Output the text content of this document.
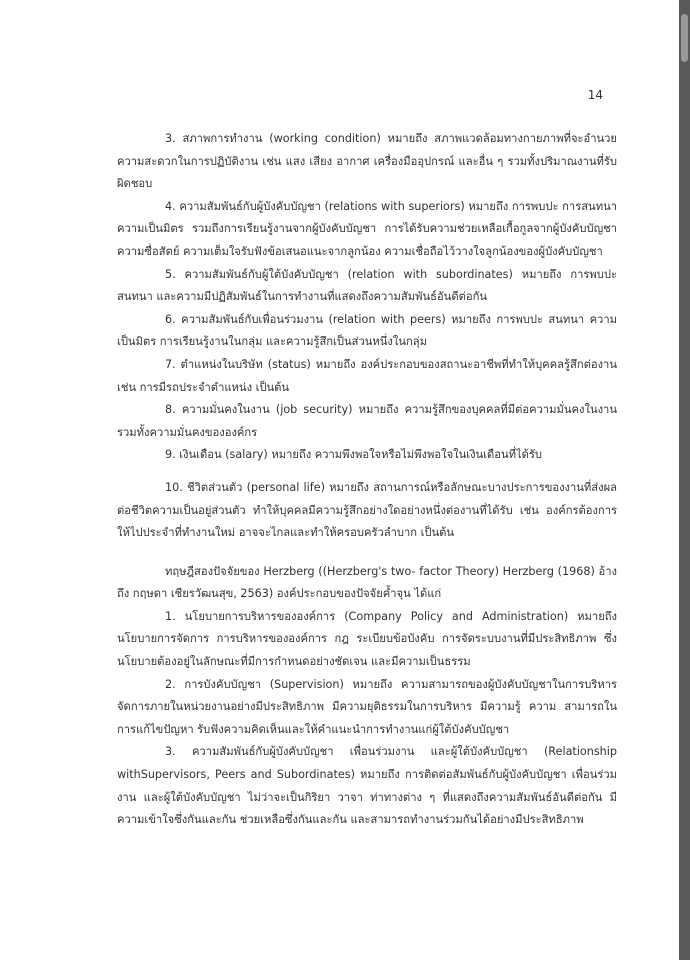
14

3. สภาพการทำงาน (working condition) หมายถึง สภาพแวดล้อมทางกายภาพที่จะอำนวยความสะดวกในการปฏิบัติงาน เช่น แสง เสียง อากาศ เครื่องมืออุปกรณ์ และอื่น ๆ รวมทั้งปริมาณงานที่รับผิดชอบ

4. ความสัมพันธ์กับผู้บังคับบัญชา (relations with superiors) หมายถึง การพบปะ การสนทนา ความเป็นมิตร รวมถึงการเรียนรู้งานจากผู้บังคับบัญชา การได้รับความช่วยเหลือเกื้อกูลจากผู้บังคับบัญชา ความซื่อสัตย์ ความเต็มใจรับฟังข้อเสนอแนะจากลูกน้อง ความเชื่อถือไว้วางใจลูกน้องของผู้บังคับบัญชา

5. ความสัมพันธ์กับผู้ใต้บังคับบัญชา (relation with subordinates) หมายถึง การพบปะสนทนา และความมีปฏิสัมพันธ์ในการทำงานที่แสดงถึงความสัมพันธ์อันดีต่อกัน

6. ความสัมพันธ์กับเพื่อนร่วมงาน (relation with peers) หมายถึง การพบปะ สนทนา ความเป็นมิตร การเรียนรู้งานในกลุ่ม และความรู้สึกเป็นส่วนหนึ่งในกลุ่ม

7. ตำแหน่งในบริษัท (status) หมายถึง องค์ประกอบของสถานะอาชีพที่ทำให้บุคคลรู้สึกต่องาน เช่น การมีรถประจำตำแหน่ง เป็นต้น

8. ความมั่นคงในงาน (job security) หมายถึง ความรู้สึกของบุคคลที่มีต่อความมั่นคงในงาน รวมทั้งความมั่นคงขององค์กร

9. เงินเดือน (salary) หมายถึง ความพึงพอใจหรือไม่พึงพอใจในเงินเดือนที่ได้รับ

10. ชีวิตส่วนตัว (personal life) หมายถึง สถานการณ์หรือลักษณะบางประการของงานที่ส่งผลต่อชีวิตความเป็นอยู่ส่วนตัว ทำให้บุคคลมีความรู้สึกอย่างใดอย่างหนึ่งต่องานที่ได้รับ เช่น องค์กรต้องการให้ไปประจำที่ทำงานใหม่ อาจจะไกลและทำให้ครอบครัวลำบาก เป็นต้น

ทฤษฎีสองปัจจัยของ Herzberg ((Herzberg's two- factor Theory) Herzberg (1968) อ้างถึง กฤษดา เชียรวัฒนสุข, 2563) องค์ประกอบของปัจจัยค้ำจุน ได้แก่

1. นโยบายการบริหารขององค์การ (Company Policy and Administration) หมายถึง นโยบายการจัดการ การบริหารขององค์การ กฎ ระเบียบข้อบังคับ การจัดระบบงานที่มีประสิทธิภาพ ซึ่งนโยบายต้องอยู่ในลักษณะที่มีการกำหนดอย่างชัดเจน และมีความเป็นธรรม

2. การบังคับบัญชา (Supervision) หมายถึง ความสามารถของผู้บังคับบัญชาในการบริหารจัดการภายในหน่วยงานอย่างมีประสิทธิภาพ มีความยุติธรรมในการบริหาร มีความรู้ ความ สามารถในการแก้ไขปัญหา รับฟังความคิดเห็นและให้คำแนะนำการทำงานแก่ผู้ใต้บังคับบัญชา

3. ความสัมพันธ์กับผู้บังคับบัญชา เพื่อนร่วมงาน และผู้ใต้บังคับบัญชา (Relationship withSupervisors, Peers and Subordinates) หมายถึง การติดต่อสัมพันธ์กับผู้บังคับบัญชา เพื่อนร่วมงาน และผู้ใต้บังคับบัญชา ไม่ว่าจะเป็นกิริยา วาจา ท่าทางต่าง ๆ ที่แสดงถึงความสัมพันธ์อันดีต่อกัน มีความเข้าใจซึ่งกันและกัน ช่วยเหลือซึ่งกันและกัน และสามารถทำงานร่วมกันได้อย่างมีประสิทธิภาพ
